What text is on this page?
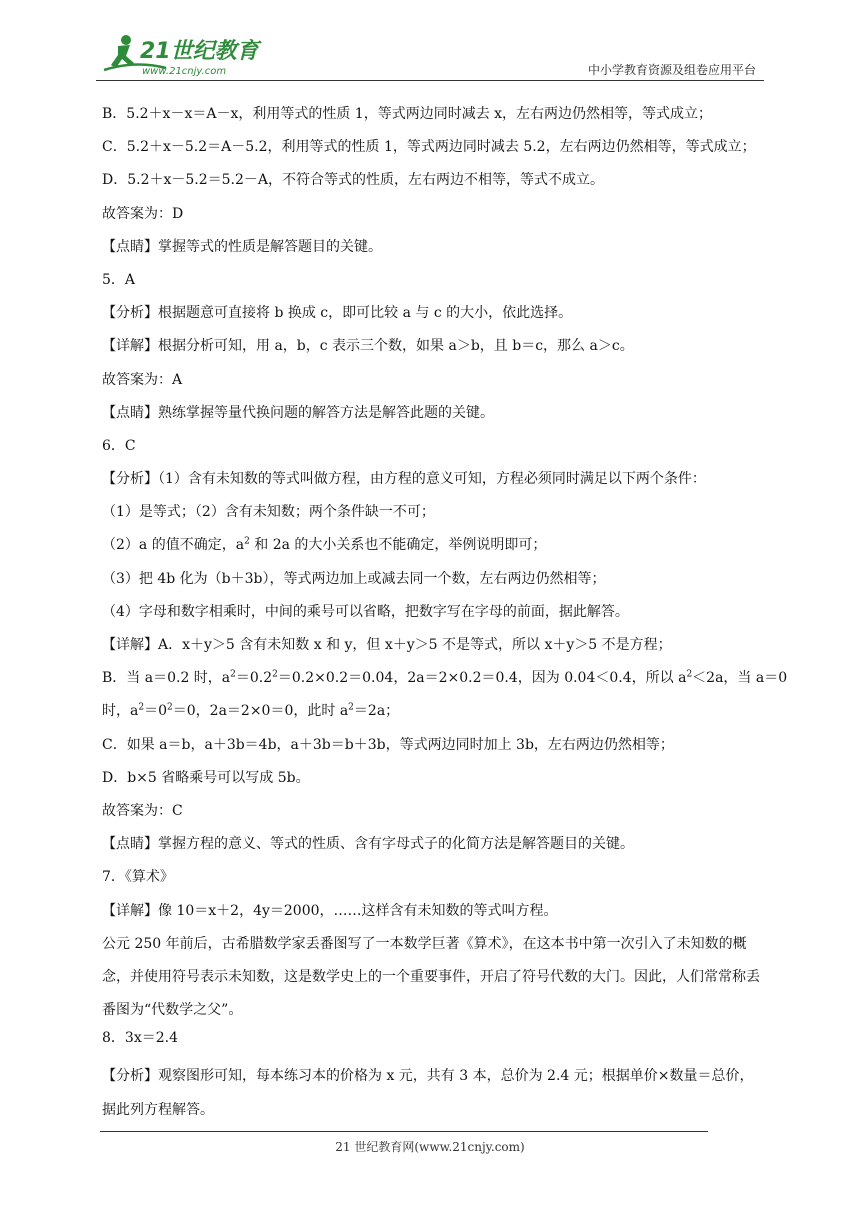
21世纪教育
www.21cnjy.com	中小学教育资源及组卷应用平台
B．5.2＋x－x＝A－x，利用等式的性质 1，等式两边同时减去 x，左右两边仍然相等，等式成立；
C．5.2＋x－5.2＝A－5.2，利用等式的性质 1，等式两边同时减去 5.2，左右两边仍然相等，等式成立；
D．5.2＋x－5.2＝5.2－A，不符合等式的性质，左右两边不相等，等式不成立。
故答案为：D
【点睛】掌握等式的性质是解答题目的关键。
5．A
【分析】根据题意可直接将 b 换成 c，即可比较 a 与 c 的大小，依此选择。
【详解】根据分析可知，用 a，b，c 表示三个数，如果 a＞b，且 b＝c，那么 a＞c。
故答案为：A
【点睛】熟练掌握等量代换问题的解答方法是解答此题的关键。
6．C
【分析】（1）含有未知数的等式叫做方程，由方程的意义可知，方程必须同时满足以下两个条件：
（1）是等式；（2）含有未知数；两个条件缺一不可；
（2）a 的值不确定，$a^2$ 和 2a 的大小关系也不能确定，举例说明即可；
（3）把 4b 化为（b＋3b），等式两边加上或减去同一个数，左右两边仍然相等；
（4）字母和数字相乘时，中间的乘号可以省略，把数字写在字母的前面，据此解答。
【详解】A．x＋y＞5 含有未知数 x 和 y，但 x＋y＞5 不是等式，所以 x＋y＞5 不是方程；
B．当 a＝0.2 时，$a^2=0.2^2=0.2\times 0.2=0.04$，2a＝2×0.2＝0.4，因为 0.04＜0.4，所以 $a^2<2a$，当 a＝0
时，$a^2=0^2=0$，2a＝2×0＝0，此时 $a^2=2a$；
C．如果 a＝b，a＋3b＝4b，a＋3b＝b＋3b，等式两边同时加上 3b，左右两边仍然相等；
D．b×5 省略乘号可以写成 5b。
故答案为：C
【点睛】掌握方程的意义、等式的性质、含有字母式子的化简方法是解答题目的关键。
7．《算术》
【详解】像 10＝x＋2，4y＝2000，……这样含有未知数的等式叫方程。
公元 250 年前后，古希腊数学家丢番图写了一本数学巨著《算术》，在这本书中第一次引入了未知数的概念，并使用符号表示未知数，这是数学史上的一个重要事件，开启了符号代数的大门。因此，人们常常称丢番图为“代数学之父”。
8．3x＝2.4
【分析】观察图形可知，每本练习本的价格为 x 元，共有 3 本，总价为 2.4 元；根据单价×数量＝总价，据此列方程解答。
21 世纪教育网(www.21cnjy.com)
